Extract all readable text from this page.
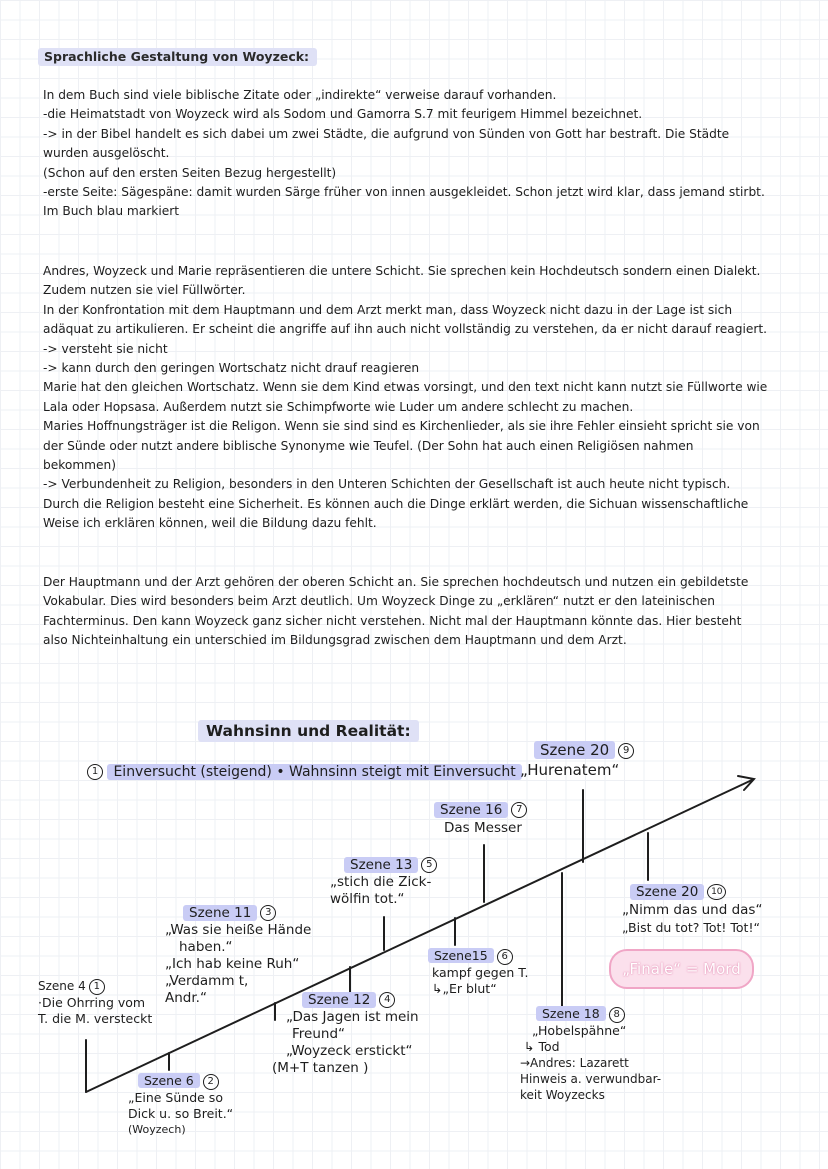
Sprachliche Gestaltung von Woyzeck:

In dem Buch sind viele biblische Zitate oder „indirekte“ verweise darauf vorhanden.

-die Heimatstadt von Woyzeck wird als Sodom und Gamorra S.7 mit feurigem Himmel bezeichnet.

-> in der Bibel handelt es sich dabei um zwei Städte, die aufgrund von Sünden von Gott har bestraft. Die Städte wurden ausgelöscht.

(Schon auf den ersten Seiten Bezug hergestellt)

-erste Seite: Sägespäne: damit wurden Särge früher von innen ausgekleidet. Schon jetzt wird klar, dass jemand stirbt.

Im Buch blau markiert

Andres, Woyzeck und Marie repräsentieren die untere Schicht. Sie sprechen kein Hochdeutsch sondern einen Dialekt. Zudem nutzen sie viel Füllwörter.

In der Konfrontation mit dem Hauptmann und dem Arzt merkt man, dass Woyzeck nicht dazu in der Lage ist sich adäquat zu artikulieren. Er scheint die angriffe auf ihn auch nicht vollständig zu verstehen, da er nicht darauf reagiert.

-> versteht sie nicht

-> kann durch den geringen Wortschatz nicht drauf reagieren

Marie hat den gleichen Wortschatz. Wenn sie dem Kind etwas vorsingt, und den text nicht kann nutzt sie Füllworte wie Lala oder Hopsasa. Außerdem nutzt sie Schimpfworte wie Luder um andere schlecht zu machen.

Maries Hoffnungsträger ist die Religon. Wenn sie sind sind es Kirchenlieder, als sie ihre Fehler einsieht spricht sie von der Sünde oder nutzt andere biblische Synonyme wie Teufel. (Der Sohn hat auch einen Religiösen nahmen bekommen)

-> Verbundenheit zu Religion, besonders in den Unteren Schichten der Gesellschaft ist auch heute nicht typisch. Durch die Religion besteht eine Sicherheit. Es können auch die Dinge erklärt werden, die Sichuan wissenschaftliche Weise ich erklären können, weil die Bildung dazu fehlt.

Der Hauptmann und der Arzt gehören der oberen Schicht an. Sie sprechen hochdeutsch und nutzen ein gebildetste Vokabular. Dies wird besonders beim Arzt deutlich. Um Woyzeck Dinge zu „erklären“ nutzt er den lateinischen Fachterminus. Den kann Woyzeck ganz sicher nicht verstehen. Nicht mal der Hauptmann könnte das. Hier besteht also Nichteinhaltung ein unterschied im Bildungsgrad zwischen dem Hauptmann und dem Arzt.

Wahnsinn und Realität:
1 Einversucht (steigend) • Wahnsinn steigt mit Einversucht
Szene 4 1
·Die Ohrring vom
T. die M. versteckt
Szene 6 2
„Eine Sünde so
Dick u. so Breit.“
(Woyzech)
Szene 11 3
„Was sie heiße Hände
haben.“
„Ich hab keine Ruh“
„Verdamm t,
Andr.“	Szene 12 4
„Das Jagen ist mein
Freund“
„Woyzeck erstickt“
(M+T tanzen )
Szene 13 5
„stich die Zick-
wölfin tot.“
Szene15 6
kampf gegen T.
↳„Er blut“
Szene 16 7
Das Messer
Szene 18 8
„Hobelspähne“
↳ Tod
→Andres: Lazarett
Hinweis a. verwundbar-
keit Woyzecks
Szene 20 9
„Hurenatem“
Szene 20 10
„Nimm das und das“
„Bist du tot? Tot! Tot!“
„Finale“ = Mord
